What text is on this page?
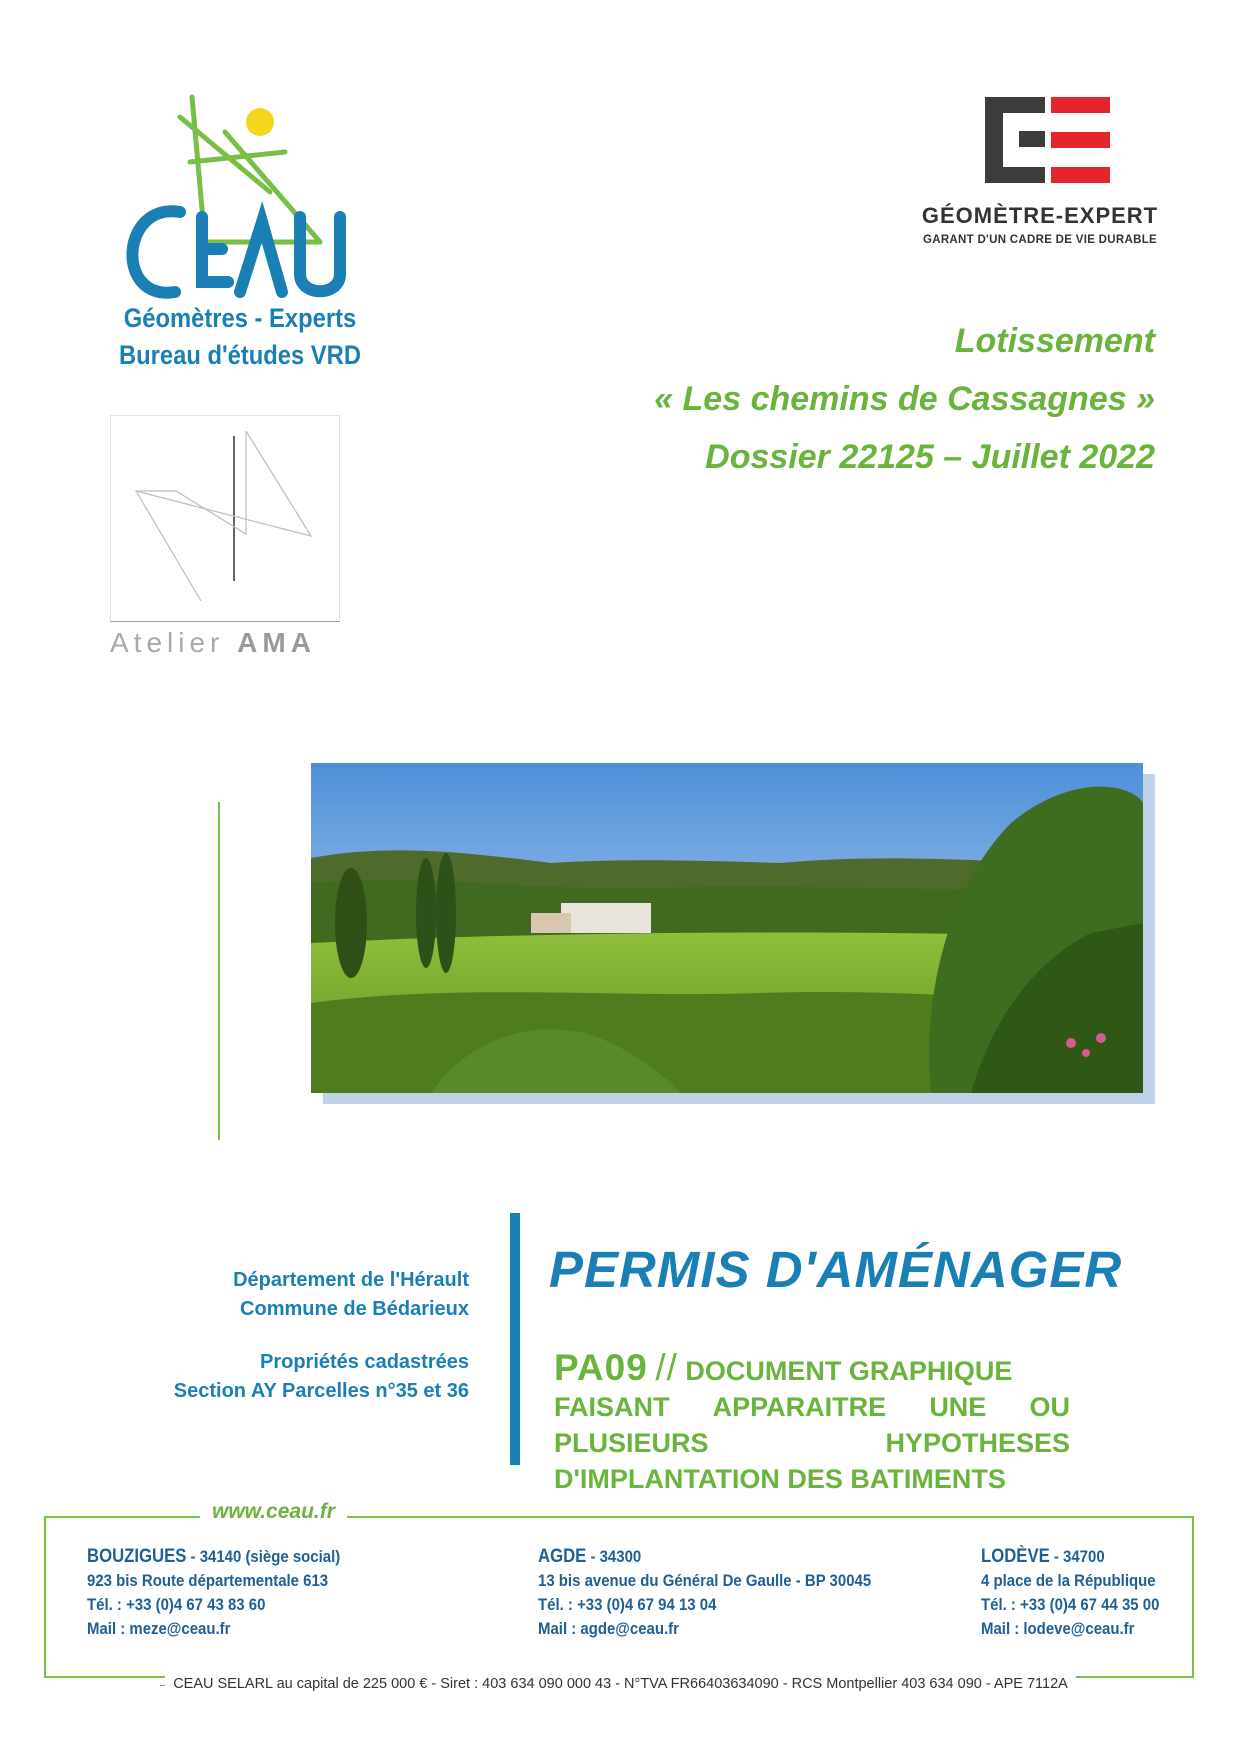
Géomètres - Experts
Bureau d'études VRD
GÉOMÈTRE-EXPERT
GARANT D'UN CADRE DE VIE DURABLE
Atelier AMA
Lotissement
« Les chemins de Cassagnes »
Dossier 22125 – Juillet 2022
Département de l'Hérault
Commune de Bédarieux
Propriétés cadastrées
Section AY Parcelles n°35 et 36
PERMIS D'AMÉNAGER
PA09 // DOCUMENT GRAPHIQUE
FAISANT APPARAITRE UNE OU
PLUSIEURS	HYPOTHESES
D'IMPLANTATION DES BATIMENTS
www.ceau.fr
BOUZIGUES - 34140 (siège social)
923 bis Route départementale 613
Tél. : +33 (0)4 67 43 83 60
Mail : meze@ceau.fr
AGDE - 34300
13 bis avenue du Général De Gaulle - BP 30045
Tél. : +33 (0)4 67 94 13 04
Mail : agde@ceau.fr
LODÈVE - 34700
4 place de la République
Tél. : +33 (0)4 67 44 35 00
Mail : lodeve@ceau.fr
CEAU SELARL au capital de 225 000 € - Siret : 403 634 090 000 43 - N°TVA FR66403634090 - RCS Montpellier 403 634 090 - APE 7112A
